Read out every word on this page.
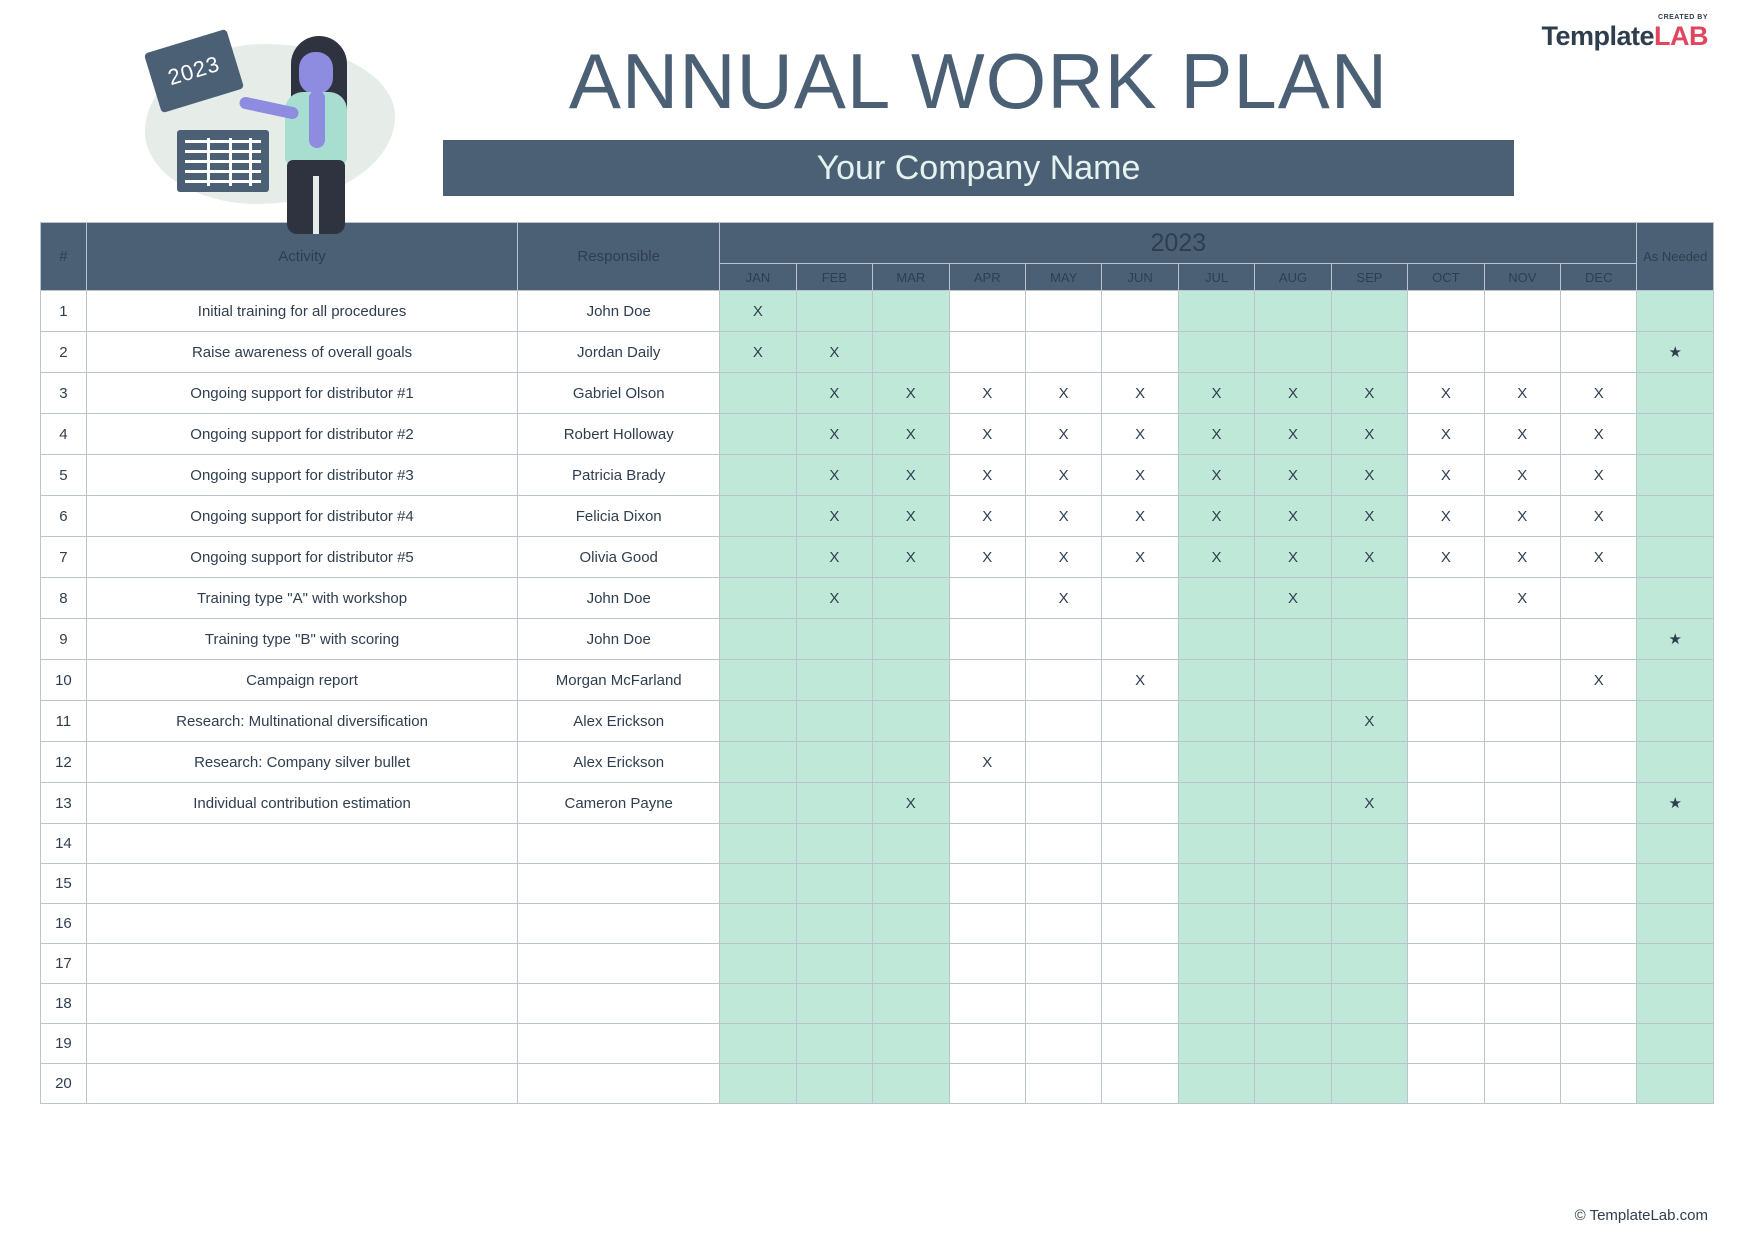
CREATED BY
TemplateLAB
2023	ANNUAL WORK PLAN
Your Company Name
#	Activity	Responsible	2023												As Needed
			JAN	FEB	MAR	APR	MAY	JUN	JUL	AUG	SEP	OCT	NOV	DEC	
1	Initial training for all procedures	John Doe	X												
2	Raise awareness of overall goals	Jordan Daily	X	X											★
3	Ongoing support for distributor #1	Gabriel Olson		X	X	X	X	X	X	X	X	X	X	X	
4	Ongoing support for distributor #2	Robert Holloway		X	X	X	X	X	X	X	X	X	X	X	
5	Ongoing support for distributor #3	Patricia Brady		X	X	X	X	X	X	X	X	X	X	X	
6	Ongoing support for distributor #4	Felicia Dixon		X	X	X	X	X	X	X	X	X	X	X	
7	Ongoing support for distributor #5	Olivia Good		X	X	X	X	X	X	X	X	X	X	X	
8	Training type "A" with workshop	John Doe		X			X			X			X		
9	Training type "B" with scoring	John Doe													★
10	Campaign report	Morgan McFarland						X						X	
11	Research: Multinational diversification	Alex Erickson									X				
12	Research: Company silver bullet	Alex Erickson				X									
13	Individual contribution estimation	Cameron Payne			X						X				★
14															
15															
16															
17															
18															
19															
20															
© TemplateLab.com
